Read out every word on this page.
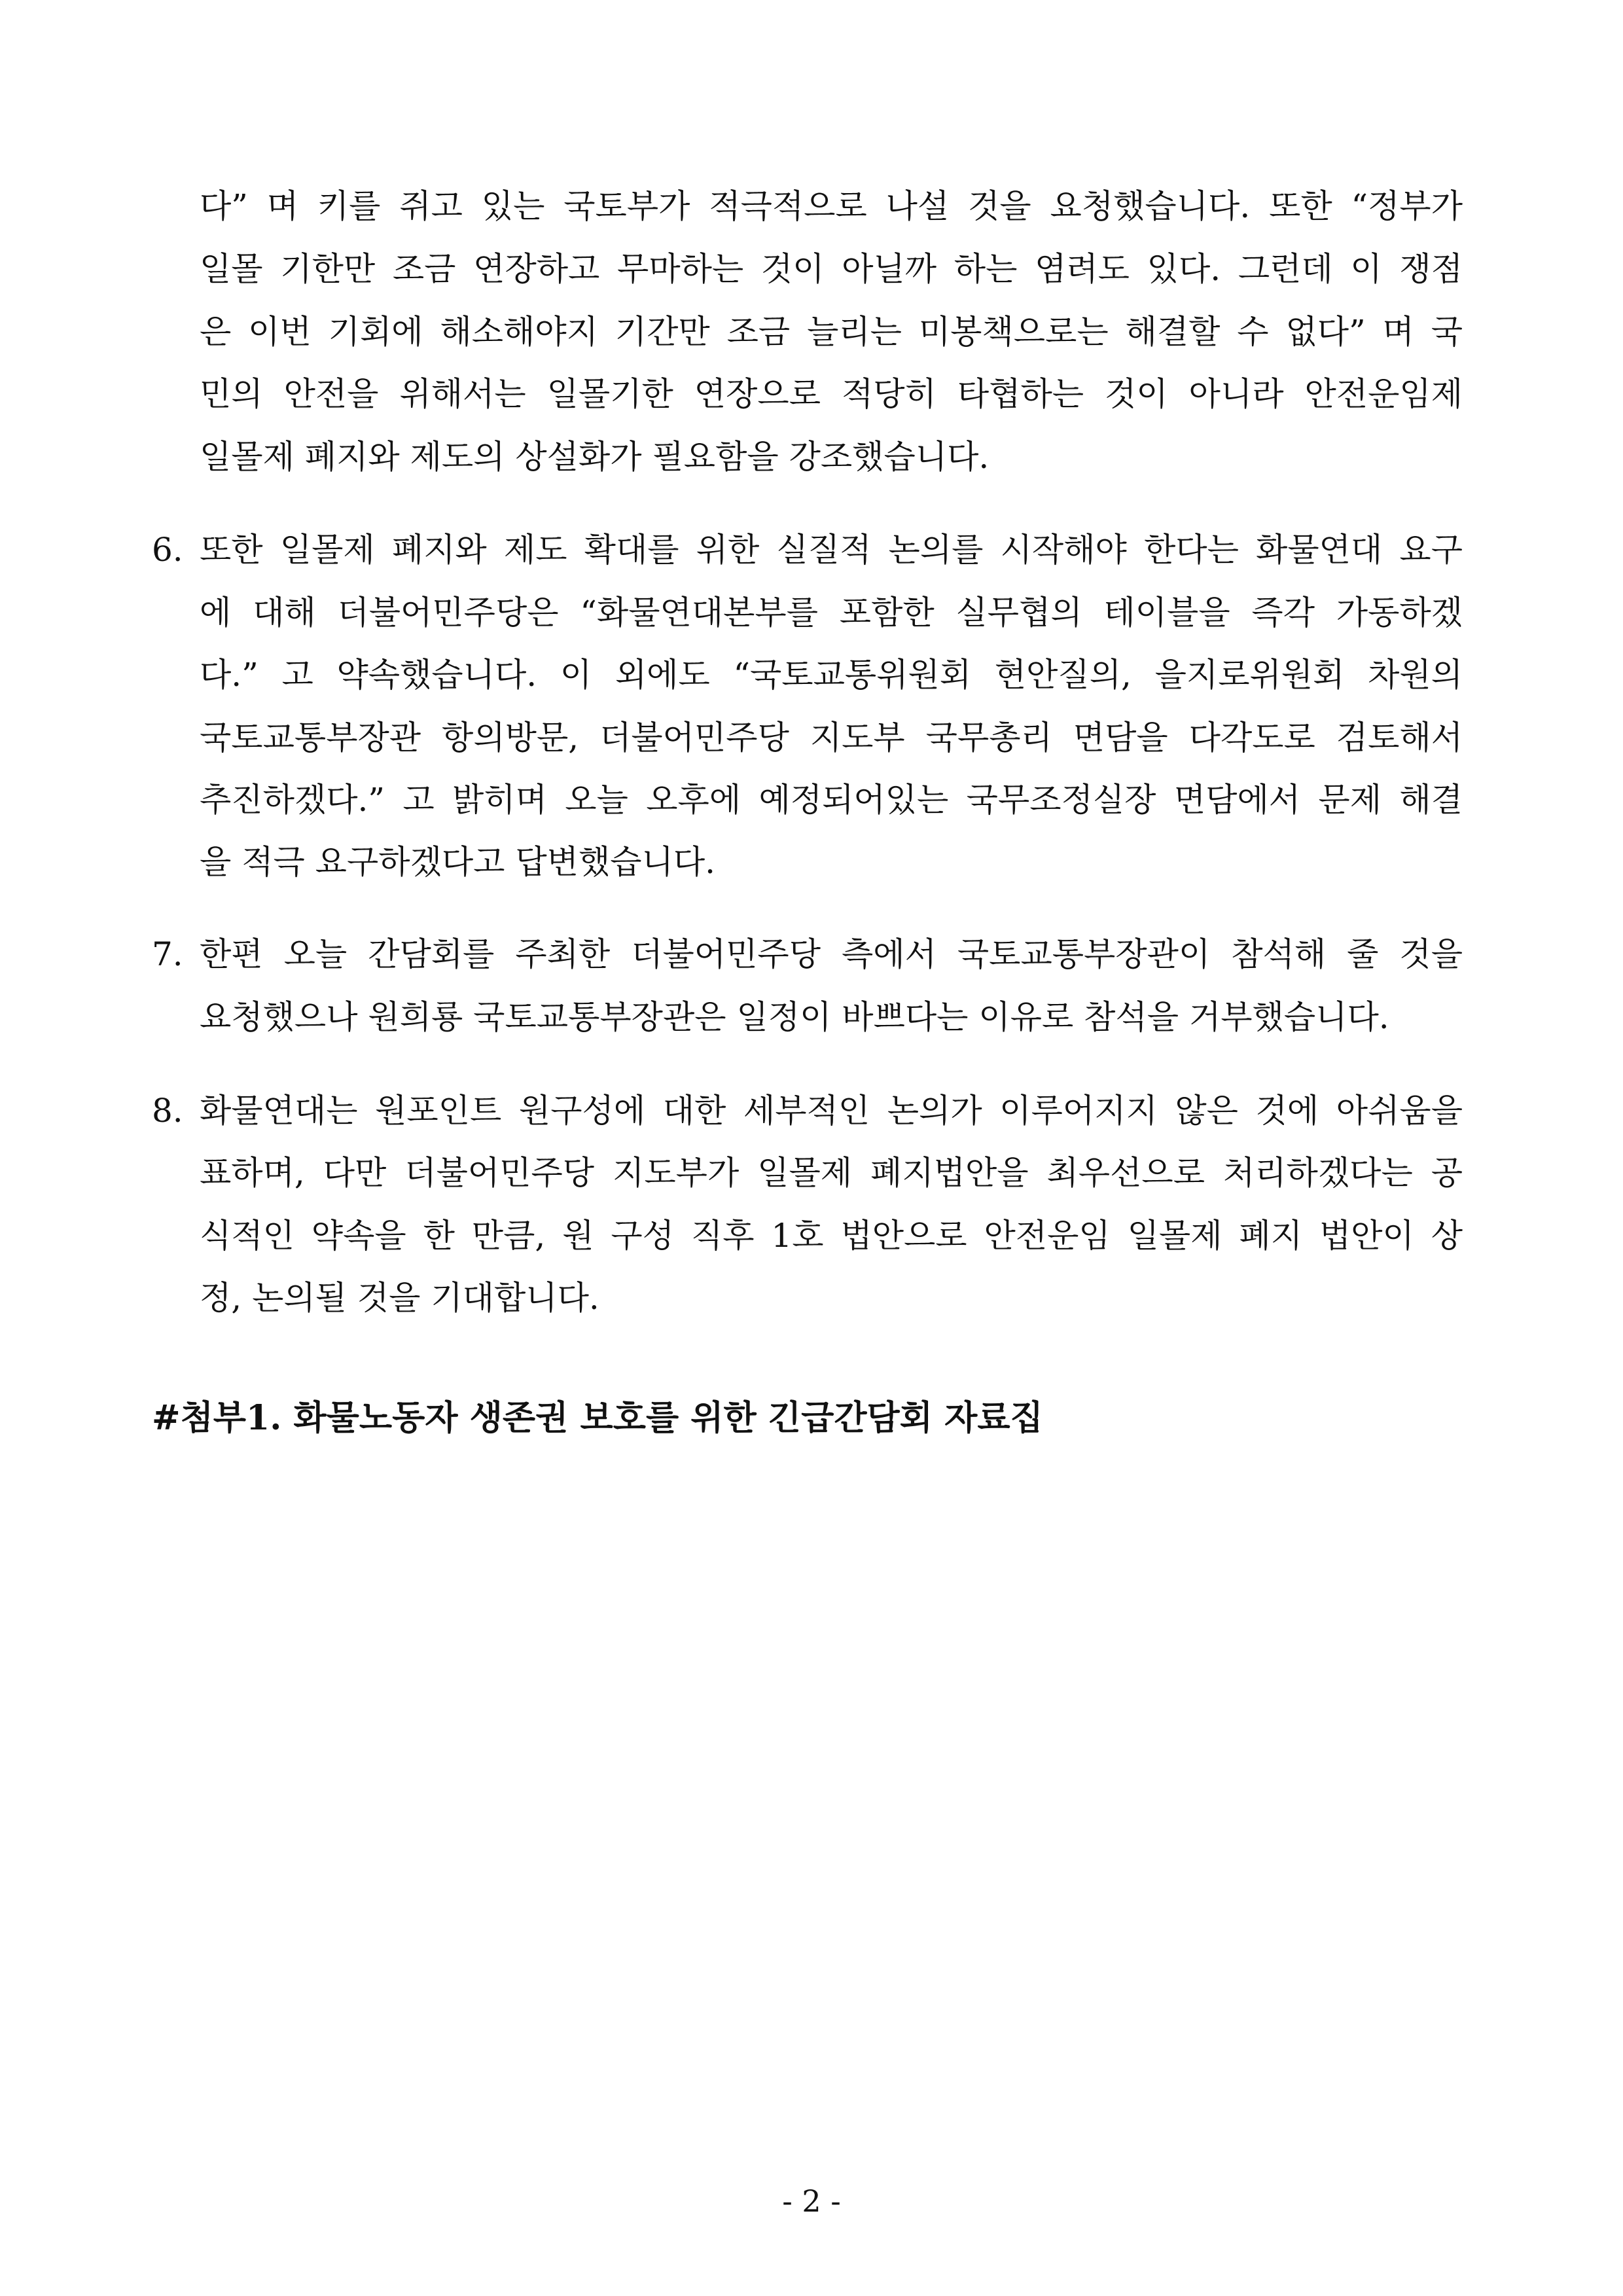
다” 며 키를 쥐고 있는 국토부가 적극적으로 나설 것을 요청했습니다. 또한 “정부가
일몰 기한만 조금 연장하고 무마하는 것이 아닐까 하는 염려도 있다. 그런데 이 쟁점
은 이번 기회에 해소해야지 기간만 조금 늘리는 미봉책으로는 해결할 수 없다” 며 국
민의 안전을 위해서는 일몰기한 연장으로 적당히 타협하는 것이 아니라 안전운임제
일몰제 폐지와 제도의 상설화가 필요함을 강조했습니다.
6. 또한 일몰제 폐지와 제도 확대를 위한 실질적 논의를 시작해야 한다는 화물연대 요구
에 대해 더불어민주당은 “화물연대본부를 포함한 실무협의 테이블을 즉각 가동하겠
다.” 고 약속했습니다. 이 외에도 “국토교통위원회 현안질의, 을지로위원회 차원의
국토교통부장관 항의방문, 더불어민주당 지도부 국무총리 면담을 다각도로 검토해서
추진하겠다.” 고 밝히며 오늘 오후에 예정되어있는 국무조정실장 면담에서 문제 해결
을 적극 요구하겠다고 답변했습니다.
7. 한편 오늘 간담회를 주최한 더불어민주당 측에서 국토교통부장관이 참석해 줄 것을
요청했으나 원희룡 국토교통부장관은 일정이 바쁘다는 이유로 참석을 거부했습니다.
8. 화물연대는 원포인트 원구성에 대한 세부적인 논의가 이루어지지 않은 것에 아쉬움을
표하며, 다만 더불어민주당 지도부가 일몰제 폐지법안을 최우선으로 처리하겠다는 공
식적인 약속을 한 만큼, 원 구성 직후 1호 법안으로 안전운임 일몰제 폐지 법안이 상
정, 논의될 것을 기대합니다.
#첨부1. 화물노동자 생존권 보호를 위한 긴급간담회 자료집
- 2 -
